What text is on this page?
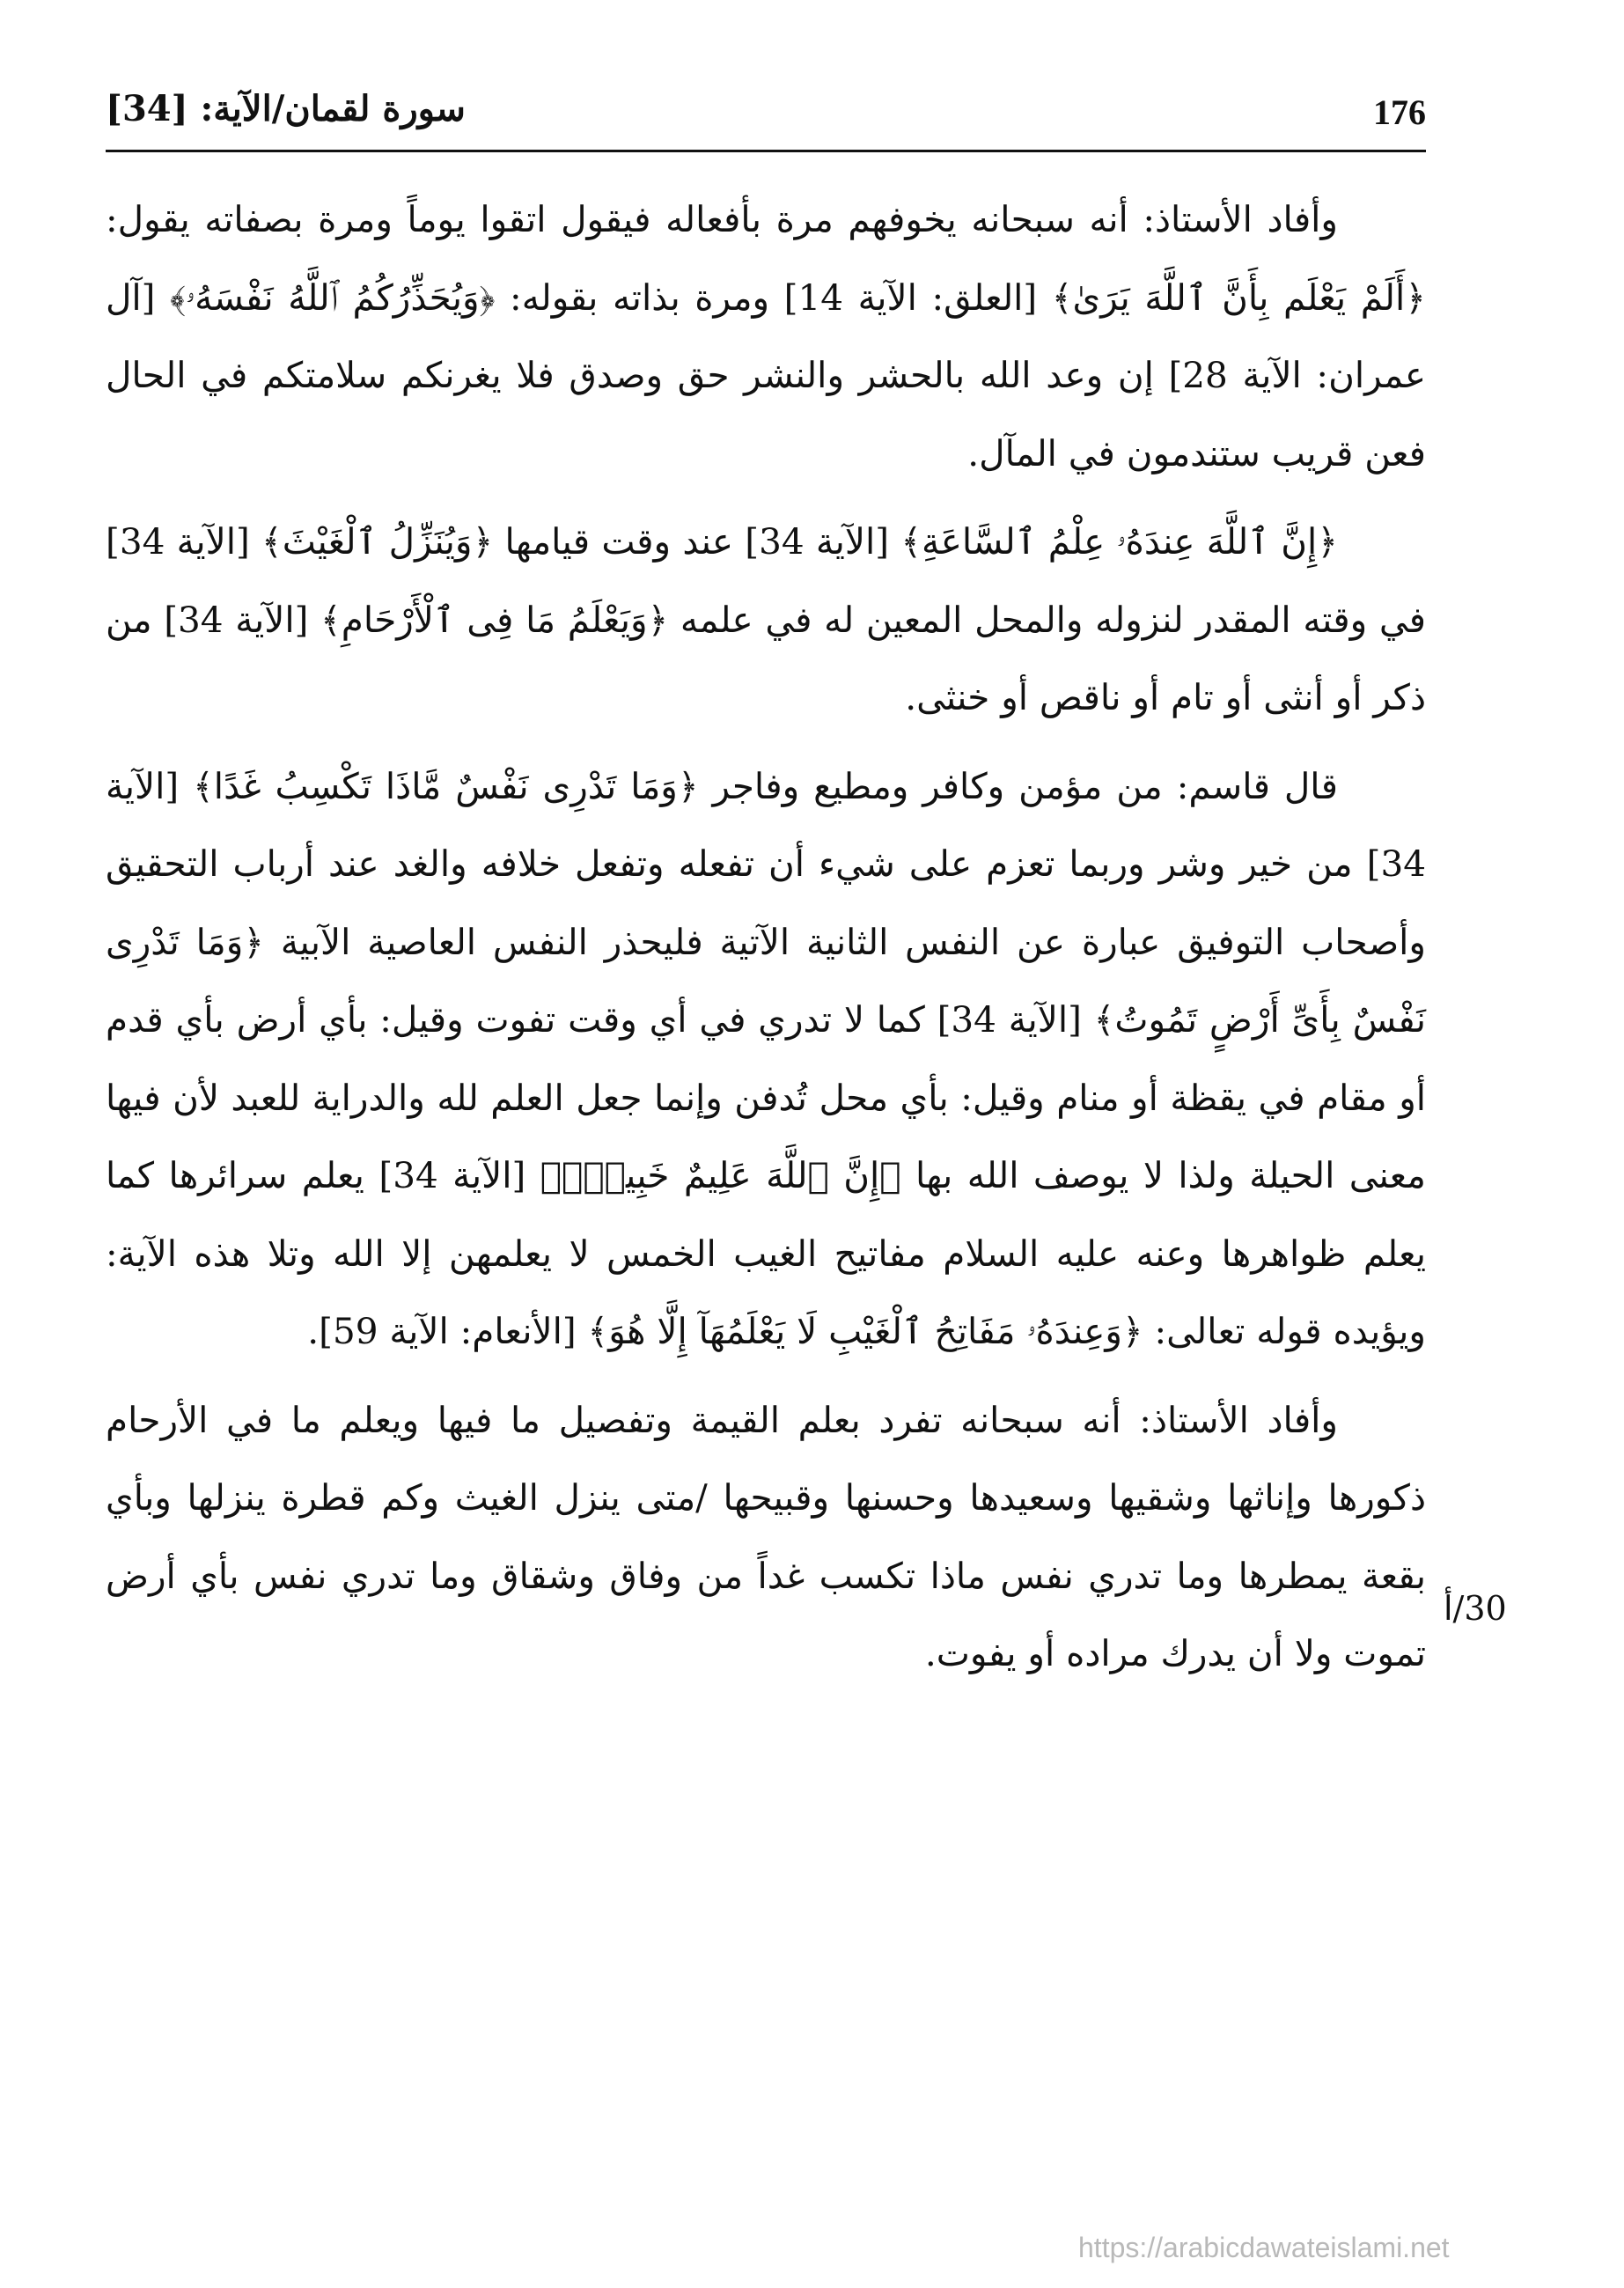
176
سورة لقمان/الآية: [34]

وأفاد الأستاذ: أنه سبحانه يخوفهم مرة بأفعاله فيقول اتقوا يوماً ومرة بصفاته يقول: ﴿أَلَمْ يَعْلَم بِأَنَّ ٱللَّهَ يَرَىٰ﴾ [العلق: الآية 14] ومرة بذاته بقوله: ﴿وَيُحَذِّرُكُمُ ٱللَّهُ نَفْسَهُۥ﴾ [آل عمران: الآية 28] إن وعد الله بالحشر والنشر حق وصدق فلا يغرنكم سلامتكم في الحال فعن قريب ستندمون في المآل.

﴿إِنَّ ٱللَّهَ عِندَهُۥ عِلْمُ ٱلسَّاعَةِ﴾ [الآية 34] عند وقت قيامها ﴿وَيُنَزِّلُ ٱلْغَيْثَ﴾ [الآية 34] في وقته المقدر لنزوله والمحل المعين له في علمه ﴿وَيَعْلَمُ مَا فِى ٱلْأَرْحَامِ﴾ [الآية 34] من ذكر أو أنثى أو تام أو ناقص أو خنثى.

قال قاسم: من مؤمن وكافر ومطيع وفاجر ﴿وَمَا تَدْرِى نَفْسٌ مَّاذَا تَكْسِبُ غَدًا﴾ [الآية 34] من خير وشر وربما تعزم على شيء أن تفعله وتفعل خلافه والغد عند أرباب التحقيق وأصحاب التوفيق عبارة عن النفس الثانية الآتية فليحذر النفس العاصية الآبية ﴿وَمَا تَدْرِى نَفْسٌ بِأَىِّ أَرْضٍ تَمُوتُ﴾ [الآية 34] كما لا تدري في أي وقت تفوت وقيل: بأي أرض بأي قدم أو مقام في يقظة أو منام وقيل: بأي محل تُدفن وإنما جعل العلم لله والدراية للعبد لأن فيها معنى الحيلة ولذا لا يوصف الله بها ﴿إِنَّ ٱللَّهَ عَلِيمٌ خَبِيرٌۢ﴾ [الآية 34] يعلم سرائرها كما يعلم ظواهرها وعنه عليه السلام مفاتيح الغيب الخمس لا يعلمهن إلا الله وتلا هذه الآية: ويؤيده قوله تعالى: ﴿وَعِندَهُۥ مَفَاتِحُ ٱلْغَيْبِ لَا يَعْلَمُهَآ إِلَّا هُوَ﴾ [الأنعام: الآية 59].

وأفاد الأستاذ: أنه سبحانه تفرد بعلم القيمة وتفصيل ما فيها ويعلم ما في الأرحام ذكورها وإناثها وشقيها وسعيدها وحسنها وقبيحها /متى ينزل الغيث وكم قطرة ينزلها وبأي بقعة يمطرها وما تدري نفس ماذا تكسب غداً من وفاق وشقاق وما تدري نفس بأي أرض تموت ولا أن يدرك مراده أو يفوت.

30/أ
https://arabicdawateislami.net
